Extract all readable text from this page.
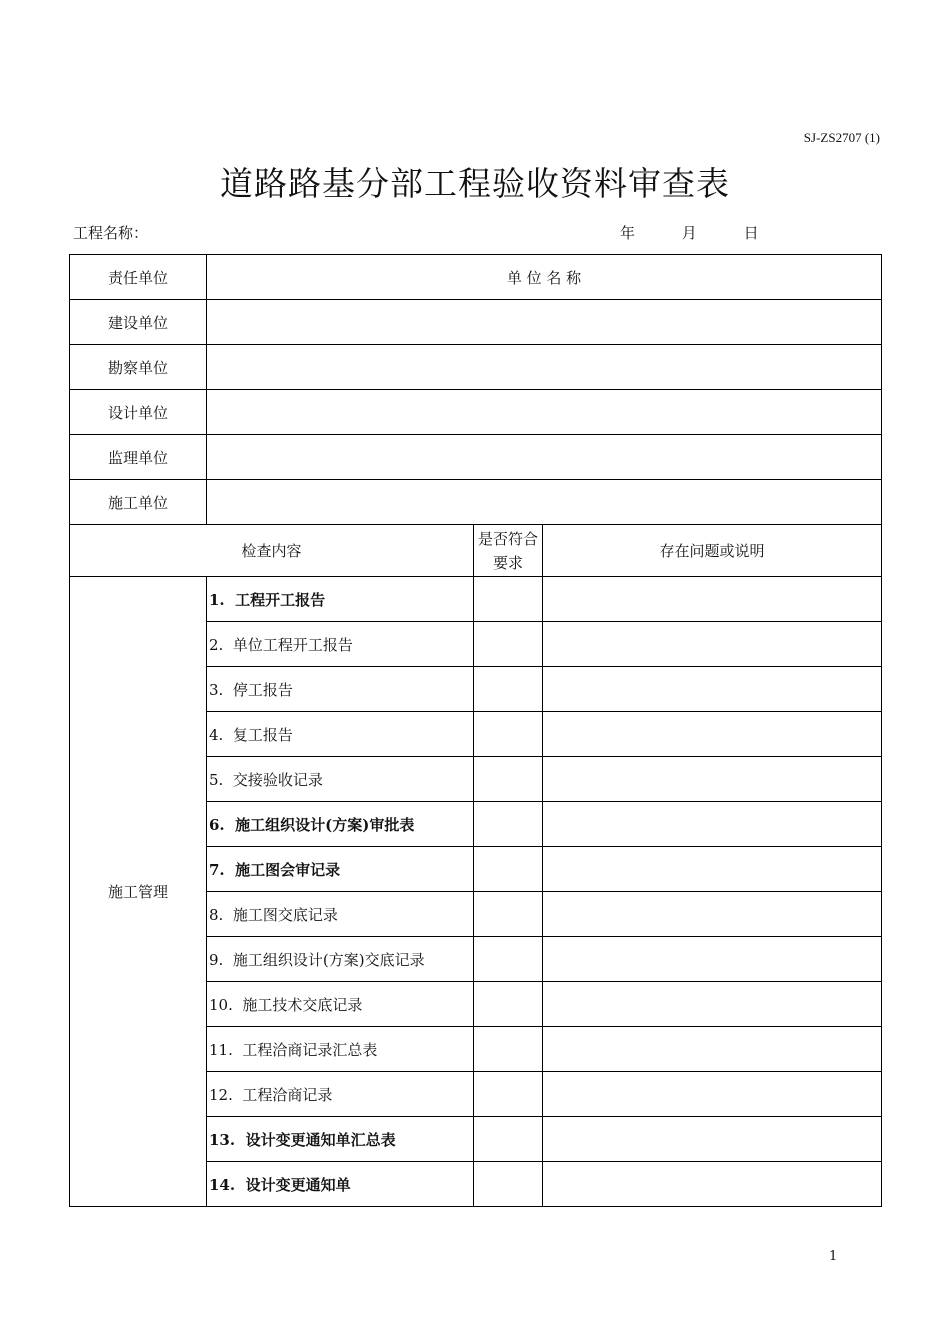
SJ-ZS2707 (1)
道路路基分部工程验收资料审查表
工程名称：	年	月	日
责任单位	单 位 名 称		
建设单位			
勘察单位			
设计单位			
监理单位			
施工单位			
检查内容		是否符合要求	存在问题或说明
施工管理	1. 工程开工报告		
	2. 单位工程开工报告		
	3. 停工报告		
	4. 复工报告		
	5. 交接验收记录		
	6. 施工组织设计(方案)审批表		
	7. 施工图会审记录		
	8. 施工图交底记录		
	9. 施工组织设计(方案)交底记录		
	10. 施工技术交底记录		
	11. 工程洽商记录汇总表		
	12. 工程洽商记录		
	13. 设计变更通知单汇总表		
	14. 设计变更通知单		
1
